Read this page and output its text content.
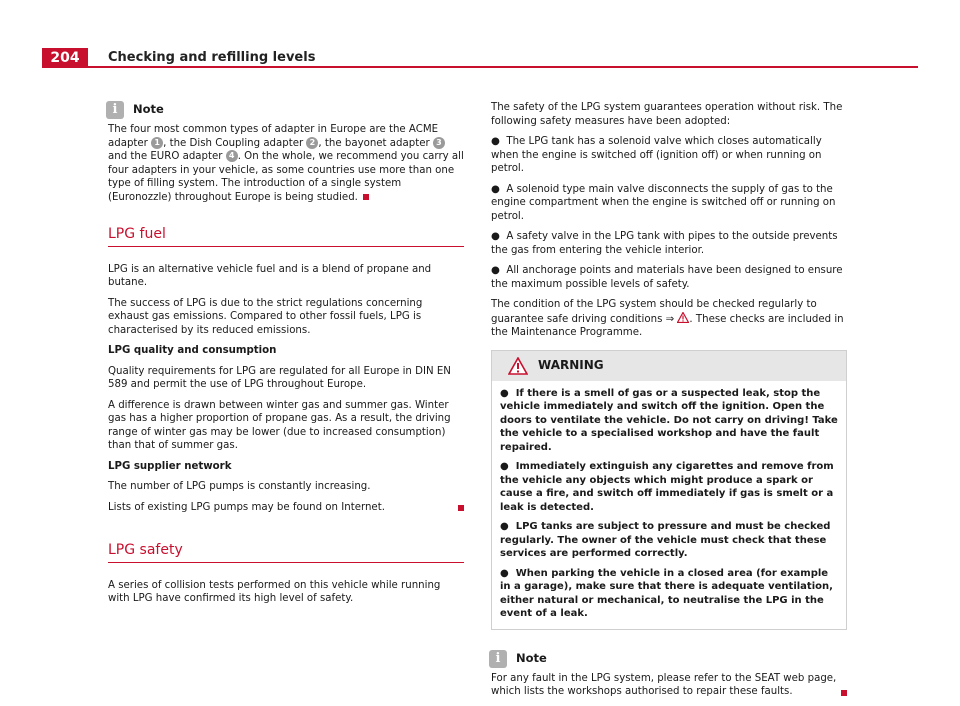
204	Checking and refilling levels
i	Note

The four most common types of adapter in Europe are the ACME adapter 1 , the Dish Coupling adapter 2 , the bayonet adapter 3 and the EURO adapter 4 . On the whole, we recommend you carry all four adapters in your vehicle, as some countries use more than one type of filling system. The introduction of a single system (Euronozzle) throughout Europe is being studied.

LPG fuel

LPG is an alternative vehicle fuel and is a blend of propane and butane.

The success of LPG is due to the strict regulations concerning exhaust gas emissions. Compared to other fossil fuels, LPG is characterised by its reduced emissions.

LPG quality and consumption

Quality requirements for LPG are regulated for all Europe in DIN EN 589 and permit the use of LPG throughout Europe.

A difference is drawn between winter gas and summer gas. Winter gas has a higher proportion of propane gas. As a result, the driving range of winter gas may be lower (due to increased consumption) than that of summer gas.

LPG supplier network

The number of LPG pumps is constantly increasing.

Lists of existing LPG pumps may be found on Internet.

LPG safety

A series of collision tests performed on this vehicle while running with LPG have confirmed its high level of safety.

The safety of the LPG system guarantees operation without risk. The following safety measures have been adopted:

●  The LPG tank has a solenoid valve which closes automatically when the engine is switched off (ignition off) or when running on petrol.

●  A solenoid type main valve disconnects the supply of gas to the engine compartment when the engine is switched off or running on petrol.

●  A safety valve in the LPG tank with pipes to the outside prevents the gas from entering the vehicle interior.

●  All anchorage points and materials have been designed to ensure the maximum possible levels of safety.

The condition of the LPG system should be checked regularly to guarantee safe driving conditions ⇒ . These checks are included in the Maintenance Programme.

WARNING

●  If there is a smell of gas or a suspected leak, stop the vehicle immediately and switch off the ignition. Open the doors to ventilate the vehicle. Do not carry on driving! Take the vehicle to a specialised workshop and have the fault repaired.

●  Immediately extinguish any cigarettes and remove from the vehicle any objects which might produce a spark or cause a fire, and switch off immediately if gas is smelt or a leak is detected.

●  LPG tanks are subject to pressure and must be checked regularly. The owner of the vehicle must check that these services are performed correctly.

●  When parking the vehicle in a closed area (for example in a garage), make sure that there is adequate ventilation, either natural or mechanical, to neutralise the LPG in the event of a leak.

i	Note

For any fault in the LPG system, please refer to the SEAT web page, which lists the workshops authorised to repair these faults.
